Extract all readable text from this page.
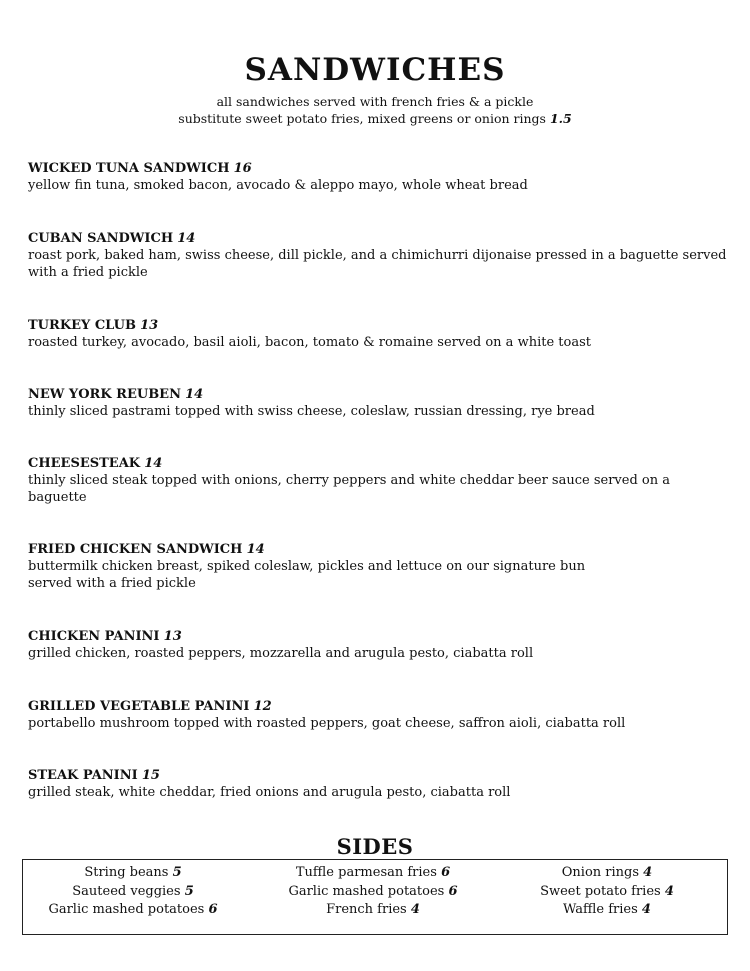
SANDWICHES
all sandwiches served with french fries & a pickle
substitute sweet potato fries, mixed greens or onion rings 1.5
WICKED TUNA SANDWICH 16
yellow fin tuna, smoked bacon, avocado & aleppo mayo, whole wheat bread
CUBAN SANDWICH 14
roast pork, baked ham, swiss cheese, dill pickle, and a chimichurri dijonaise pressed in a baguette served with a fried pickle
TURKEY CLUB 13
roasted turkey, avocado, basil aioli, bacon, tomato & romaine served on a white toast
NEW YORK REUBEN 14
thinly sliced pastrami topped with swiss cheese, coleslaw, russian dressing, rye bread
CHEESESTEAK 14
thinly sliced steak topped with onions, cherry peppers and white cheddar beer sauce served on a baguette
FRIED CHICKEN SANDWICH 14
buttermilk chicken breast, spiked coleslaw, pickles and lettuce on our signature bun served with a fried pickle
CHICKEN PANINI 13
grilled chicken, roasted peppers, mozzarella and arugula pesto, ciabatta roll
GRILLED VEGETABLE PANINI 12
portabello mushroom topped with roasted peppers, goat cheese, saffron aioli, ciabatta roll
STEAK PANINI 15
grilled steak, white cheddar, fried onions and arugula pesto, ciabatta roll
SIDES
String beans 5
Sauteed veggies 5
Garlic mashed potatoes 6
Tuffle parmesan fries 6
Garlic mashed potatoes 6
French fries 4
Onion rings 4
Sweet potato fries 4
Waffle fries 4
